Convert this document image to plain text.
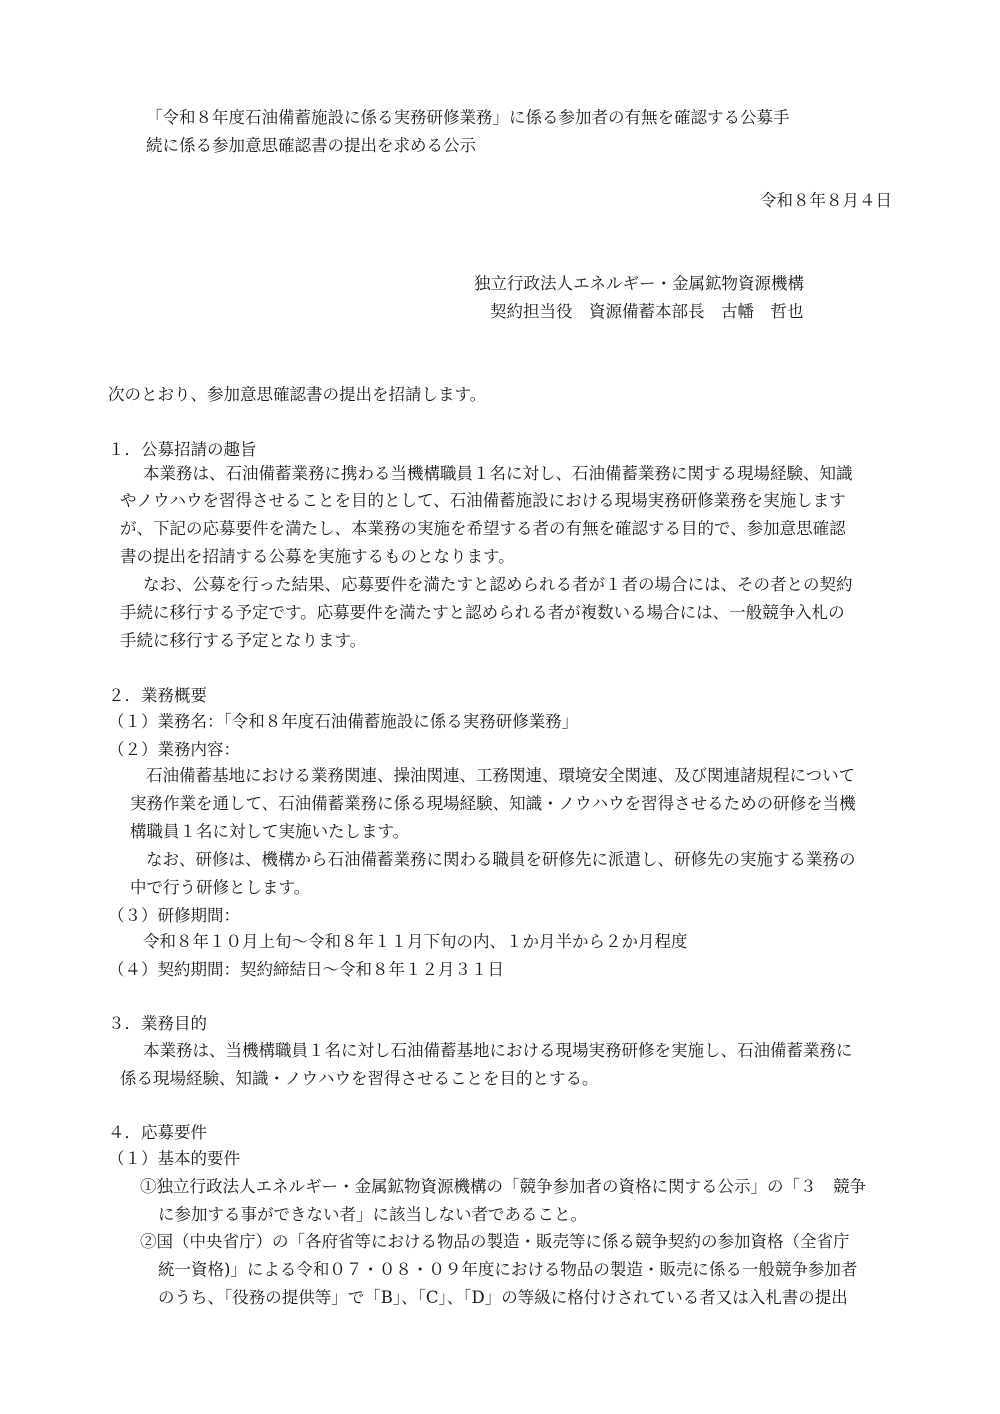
「令和８年度石油備蓄施設に係る実務研修業務」に係る参加者の有無を確認する公募手
続に係る参加意思確認書の提出を求める公示
令和８年８月４日
独立行政法人エネルギー・金属鉱物資源機構
契約担当役　資源備蓄本部長　古幡　哲也
次のとおり、参加意思確認書の提出を招請します。
１．公募招請の趣旨
本業務は、石油備蓄業務に携わる当機構職員１名に対し、石油備蓄業務に関する現場経験、知識
やノウハウを習得させることを目的として、石油備蓄施設における現場実務研修業務を実施します
が、下記の応募要件を満たし、本業務の実施を希望する者の有無を確認する目的で、参加意思確認
書の提出を招請する公募を実施するものとなります。
なお、公募を行った結果、応募要件を満たすと認められる者が１者の場合には、その者との契約
手続に移行する予定です。応募要件を満たすと認められる者が複数いる場合には、一般競争入札の
手続に移行する予定となります。
２．業務概要
（１）業務名：「令和８年度石油備蓄施設に係る実務研修業務」
（２）業務内容：
石油備蓄基地における業務関連、操油関連、工務関連、環境安全関連、及び関連諸規程について
実務作業を通して、石油備蓄業務に係る現場経験、知識・ノウハウを習得させるための研修を当機
構職員１名に対して実施いたします。
なお、研修は、機構から石油備蓄業務に関わる職員を研修先に派遣し、研修先の実施する業務の
中で行う研修とします。
（３）研修期間：
令和８年１０月上旬～令和８年１１月下旬の内、１か月半から２か月程度
（４）契約期間：契約締結日～令和８年１２月３１日
３．業務目的
本業務は、当機構職員１名に対し石油備蓄基地における現場実務研修を実施し、石油備蓄業務に
係る現場経験、知識・ノウハウを習得させることを目的とする。
４．応募要件
（１）基本的要件
①独立行政法人エネルギー・金属鉱物資源機構の「競争参加者の資格に関する公示」の「３　競争
に参加する事ができない者」に該当しない者であること。
②国（中央省庁）の「各府省等における物品の製造・販売等に係る競争契約の参加資格（全省庁
統一資格)」による令和０７・０８・０９年度における物品の製造・販売に係る一般競争参加者
のうち、「役務の提供等」で「B」、「C」、「D」の等級に格付けされている者又は入札書の提出
